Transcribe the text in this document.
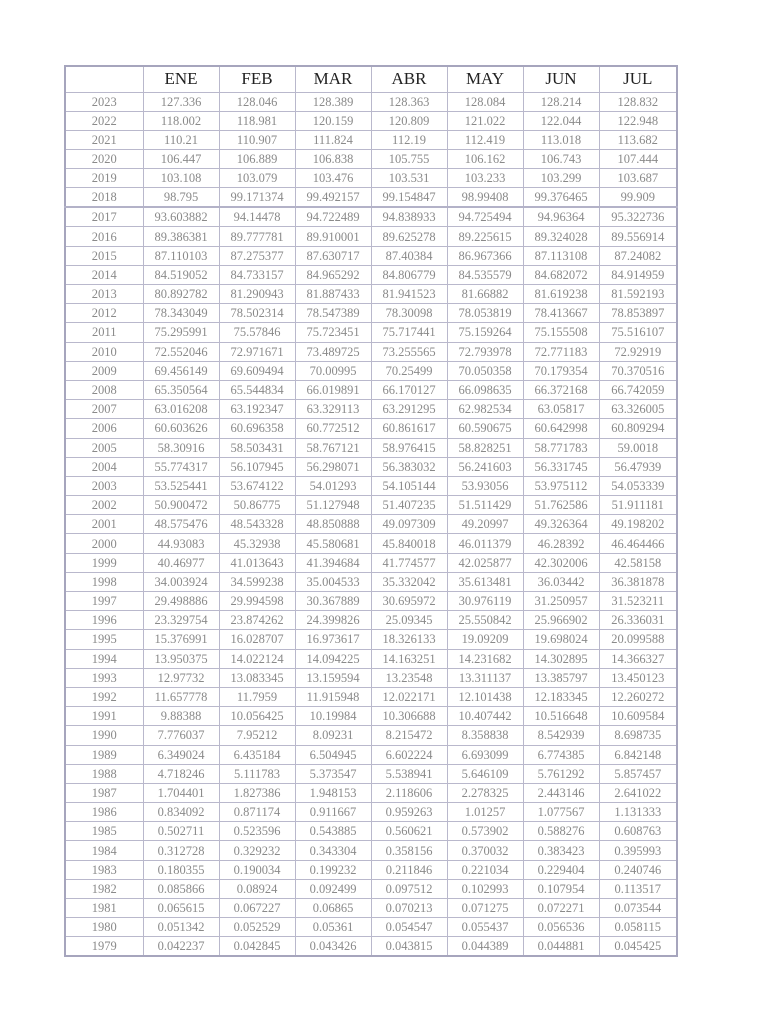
	ENE	FEB	MAR	ABR	MAY	JUN	JUL
2023	127.336	128.046	128.389	128.363	128.084	128.214	128.832
2022	118.002	118.981	120.159	120.809	121.022	122.044	122.948
2021	110.21	110.907	111.824	112.19	112.419	113.018	113.682
2020	106.447	106.889	106.838	105.755	106.162	106.743	107.444
2019	103.108	103.079	103.476	103.531	103.233	103.299	103.687
2018	98.795	99.171374	99.492157	99.154847	98.99408	99.376465	99.909
2017	93.603882	94.14478	94.722489	94.838933	94.725494	94.96364	95.322736
2016	89.386381	89.777781	89.910001	89.625278	89.225615	89.324028	89.556914
2015	87.110103	87.275377	87.630717	87.40384	86.967366	87.113108	87.24082
2014	84.519052	84.733157	84.965292	84.806779	84.535579	84.682072	84.914959
2013	80.892782	81.290943	81.887433	81.941523	81.66882	81.619238	81.592193
2012	78.343049	78.502314	78.547389	78.30098	78.053819	78.413667	78.853897
2011	75.295991	75.57846	75.723451	75.717441	75.159264	75.155508	75.516107
2010	72.552046	72.971671	73.489725	73.255565	72.793978	72.771183	72.92919
2009	69.456149	69.609494	70.00995	70.25499	70.050358	70.179354	70.370516
2008	65.350564	65.544834	66.019891	66.170127	66.098635	66.372168	66.742059
2007	63.016208	63.192347	63.329113	63.291295	62.982534	63.05817	63.326005
2006	60.603626	60.696358	60.772512	60.861617	60.590675	60.642998	60.809294
2005	58.30916	58.503431	58.767121	58.976415	58.828251	58.771783	59.0018
2004	55.774317	56.107945	56.298071	56.383032	56.241603	56.331745	56.47939
2003	53.525441	53.674122	54.01293	54.105144	53.93056	53.975112	54.053339
2002	50.900472	50.86775	51.127948	51.407235	51.511429	51.762586	51.911181
2001	48.575476	48.543328	48.850888	49.097309	49.20997	49.326364	49.198202
2000	44.93083	45.32938	45.580681	45.840018	46.011379	46.28392	46.464466
1999	40.46977	41.013643	41.394684	41.774577	42.025877	42.302006	42.58158
1998	34.003924	34.599238	35.004533	35.332042	35.613481	36.03442	36.381878
1997	29.498886	29.994598	30.367889	30.695972	30.976119	31.250957	31.523211
1996	23.329754	23.874262	24.399826	25.09345	25.550842	25.966902	26.336031
1995	15.376991	16.028707	16.973617	18.326133	19.09209	19.698024	20.099588
1994	13.950375	14.022124	14.094225	14.163251	14.231682	14.302895	14.366327
1993	12.97732	13.083345	13.159594	13.23548	13.311137	13.385797	13.450123
1992	11.657778	11.7959	11.915948	12.022171	12.101438	12.183345	12.260272
1991	9.88388	10.056425	10.19984	10.306688	10.407442	10.516648	10.609584
1990	7.776037	7.95212	8.09231	8.215472	8.358838	8.542939	8.698735
1989	6.349024	6.435184	6.504945	6.602224	6.693099	6.774385	6.842148
1988	4.718246	5.111783	5.373547	5.538941	5.646109	5.761292	5.857457
1987	1.704401	1.827386	1.948153	2.118606	2.278325	2.443146	2.641022
1986	0.834092	0.871174	0.911667	0.959263	1.01257	1.077567	1.131333
1985	0.502711	0.523596	0.543885	0.560621	0.573902	0.588276	0.608763
1984	0.312728	0.329232	0.343304	0.358156	0.370032	0.383423	0.395993
1983	0.180355	0.190034	0.199232	0.211846	0.221034	0.229404	0.240746
1982	0.085866	0.08924	0.092499	0.097512	0.102993	0.107954	0.113517
1981	0.065615	0.067227	0.06865	0.070213	0.071275	0.072271	0.073544
1980	0.051342	0.052529	0.05361	0.054547	0.055437	0.056536	0.058115
1979	0.042237	0.042845	0.043426	0.043815	0.044389	0.044881	0.045425
